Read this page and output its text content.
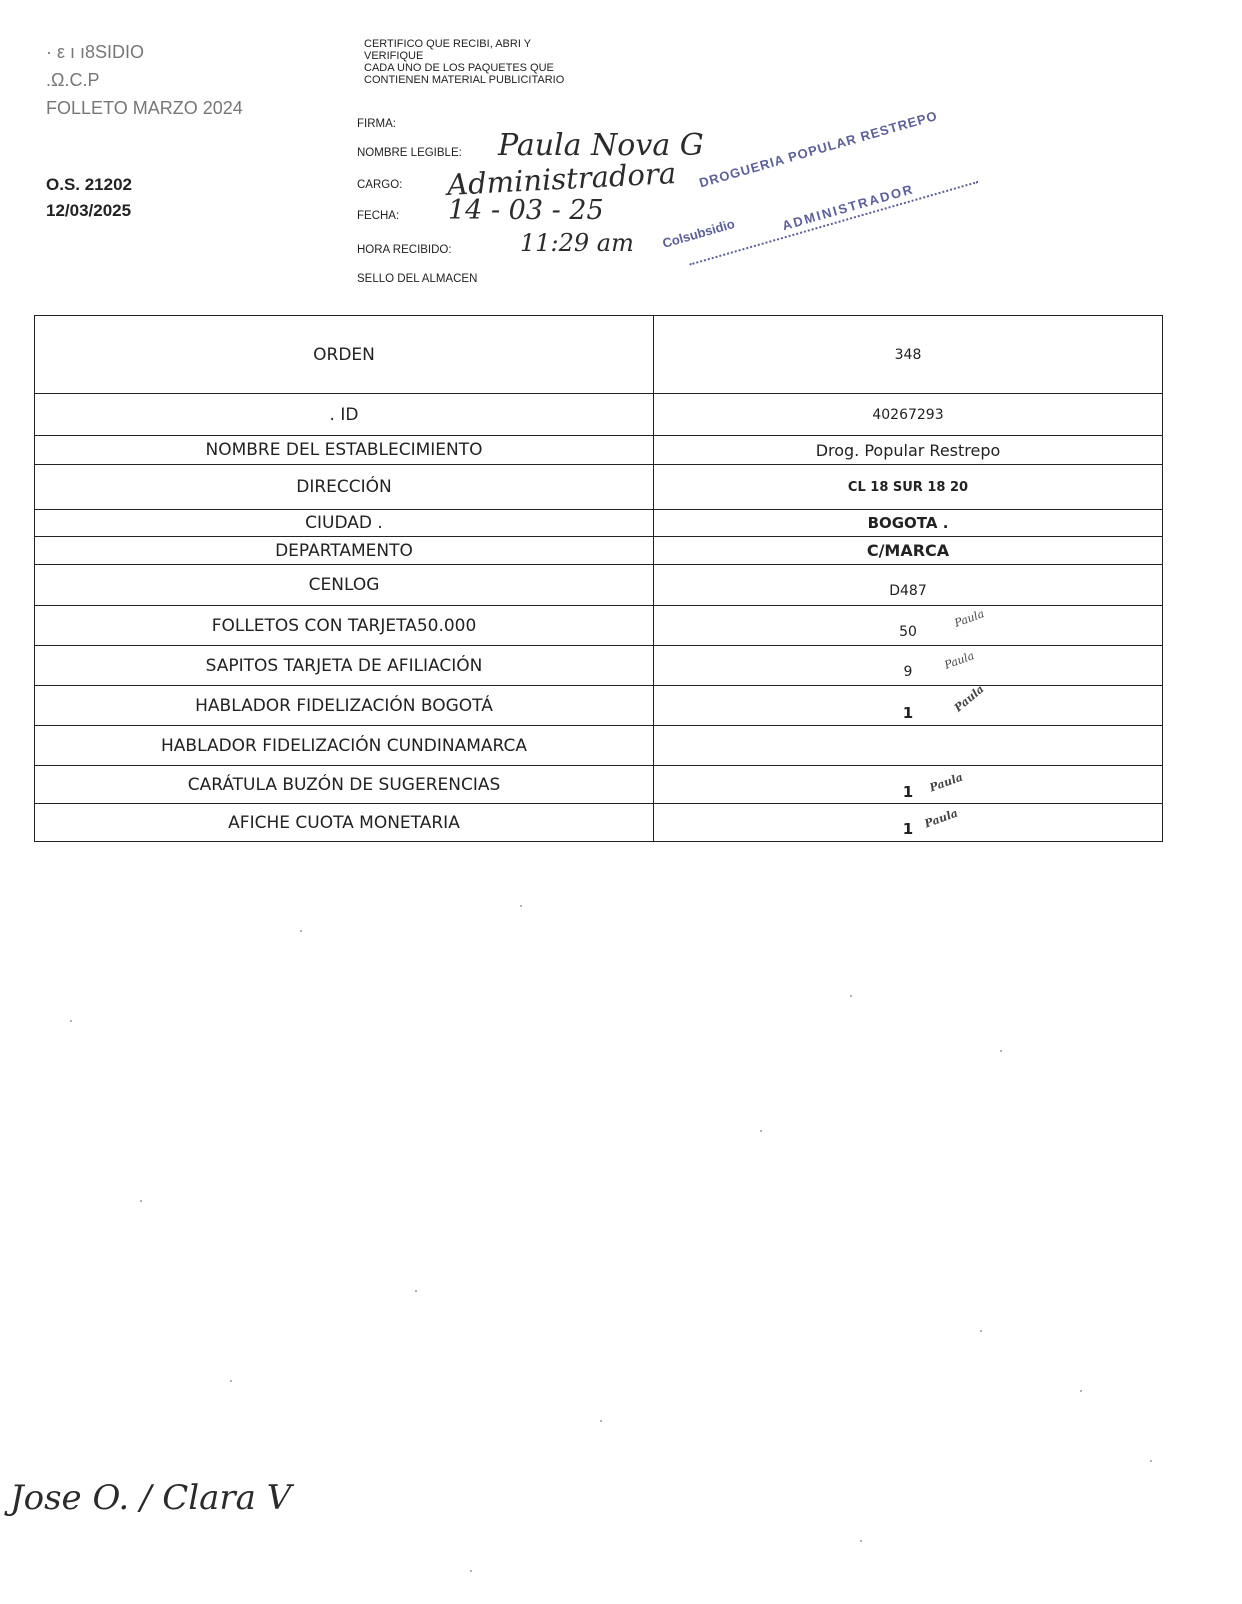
· ε ı ı8SIDIO
.Ω.C.P
FOLLETO MARZO 2024
O.S. 21202
12/03/2025
CERTIFICO QUE RECIBI, ABRI Y
VERIFIQUE
CADA UNO DE LOS PAQUETES QUE
CONTIENEN MATERIAL PUBLICITARIO
FIRMA:
NOMBRE LEGIBLE: Paula Nova G
CARGO: Administradora
FECHA: 14 - 03 - 25
HORA RECIBIDO:	11:29 am
SELLO DEL ALMACEN
DROGUERIA POPULAR RESTREPO
Colsubsidio
ADMINISTRADOR
ORDEN	348
. ID	40267293
NOMBRE DEL ESTABLECIMIENTO	Drog. Popular Restrepo
DIRECCIÓN	CL 18 SUR 18 20
CIUDAD .	BOGOTA .
DEPARTAMENTO	C/MARCA
CENLOG	D487
FOLLETOS CON TARJETA50.000	50
Paula

SAPITOS TARJETA DE AFILIACIÓN	9 Paula

HABLADOR FIDELIZACIÓN BOGOTÁ	1 Paula

HABLADOR FIDELIZACIÓN CUNDINAMARCA	
CARÁTULA BUZÓN DE SUGERENCIAS	1 Paula

AFICHE CUOTA MONETARIA	1 Paula
Jose O. / Clara V
